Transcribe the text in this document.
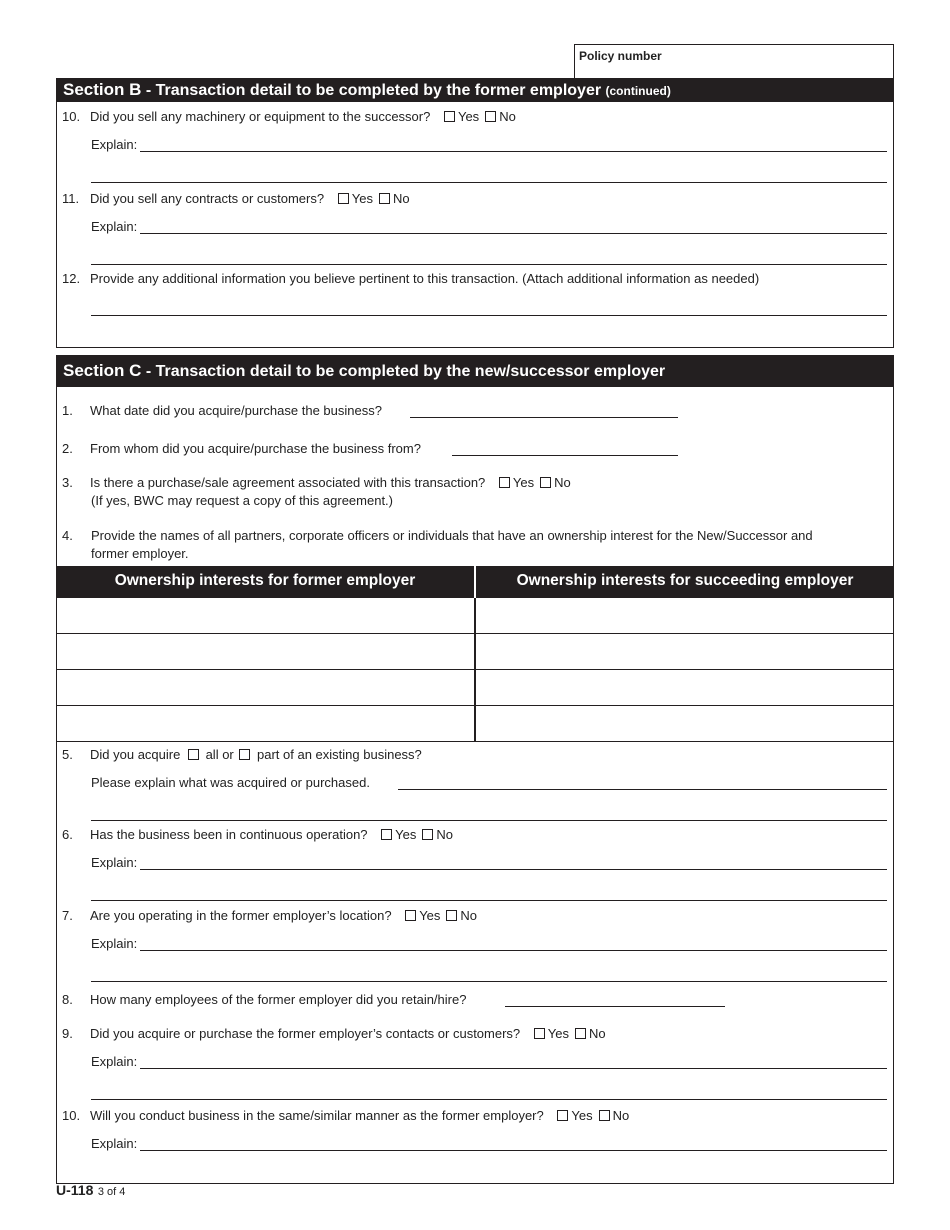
Policy number
Section B - Transaction detail to be completed by the former employer (continued)
10. Did you sell any machinery or equipment to the successor? Yes No
Explain:
11. Did you sell any contracts or customers? Yes No
Explain:
12. Provide any additional information you believe pertinent to this transaction. (Attach additional information as needed)
Section C - Transaction detail to be completed by the new/successor employer
1. What date did you acquire/purchase the business?
2. From whom did you acquire/purchase the business from?
3. Is there a purchase/sale agreement associated with this transaction? Yes No
(If yes, BWC may request a copy of this agreement.)
4. Provide the names of all partners, corporate officers or individuals that have an ownership interest for the New/Successor and
former employer.
Ownership interests for former employer	Ownership interests for succeeding employer
5. Did you acquire all or part of an existing business?
Please explain what was acquired or purchased.
6. Has the business been in continuous operation? Yes No
Explain:
7. Are you operating in the former employer’s location? Yes No
Explain:
8. How many employees of the former employer did you retain/hire?
9. Did you acquire or purchase the former employer’s contacts or customers? Yes No
Explain:
10. Will you conduct business in the same/similar manner as the former employer? Yes No
Explain:
U-118 3 of 4
